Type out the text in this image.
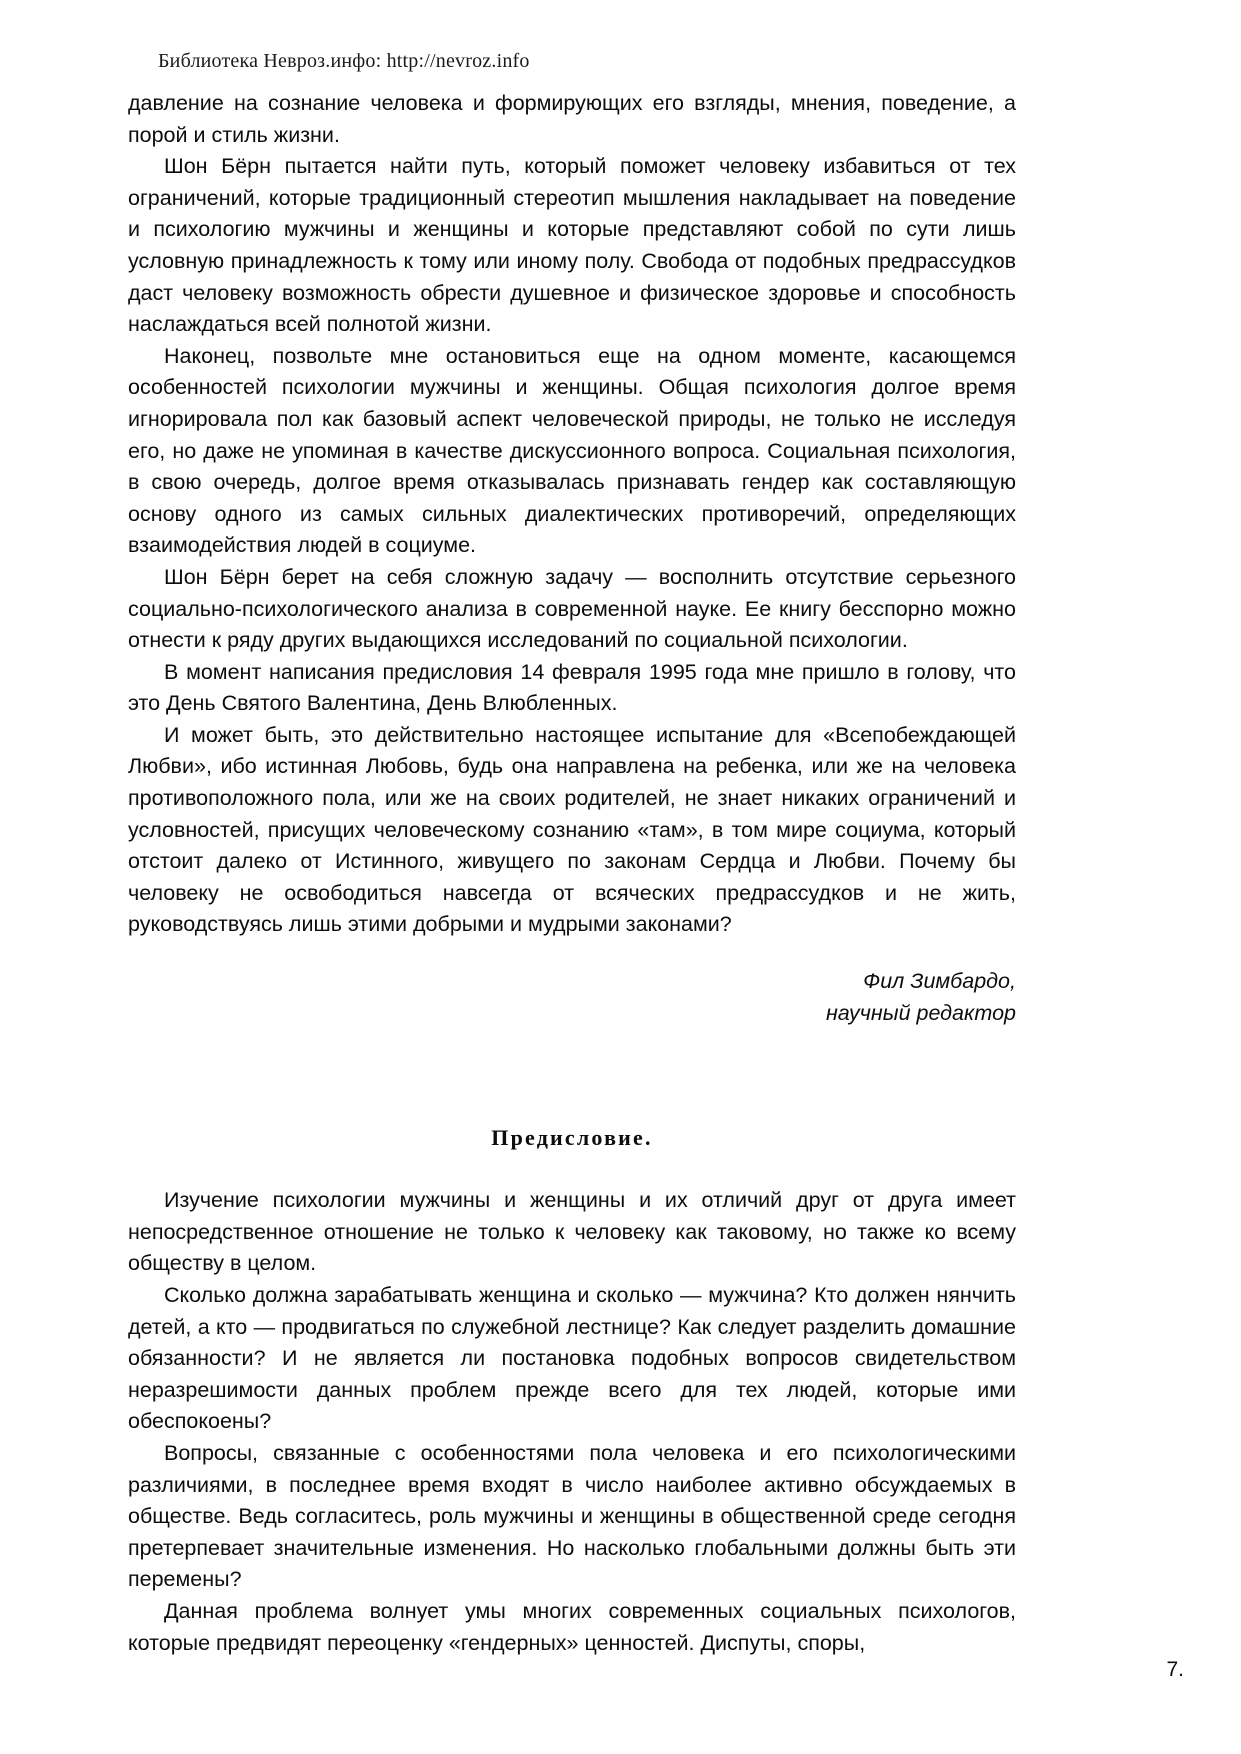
Библиотека Невроз.инфо: http://nevroz.info

давление на сознание человека и формирующих его взгляды, мнения, поведение, а порой и стиль жизни.

Шон Бёрн пытается найти путь, который поможет человеку избавиться от тех ограничений, которые традиционный стереотип мышления накладывает на поведение и психологию мужчины и женщины и которые представляют собой по сути лишь условную принадлежность к тому или иному полу. Свобода от подобных предрассудков даст человеку возможность обрести душевное и физическое здоровье и способность наслаждаться всей полнотой жизни.

Наконец, позвольте мне остановиться еще на одном моменте, касающемся особенностей психологии мужчины и женщины. Общая психология долгое время игнорировала пол как базовый аспект человеческой природы, не только не исследуя его, но даже не упоминая в качестве дискуссионного вопроса. Социальная психология, в свою очередь, долгое время отказывалась признавать гендер как составляющую основу одного из самых сильных диалектических противоречий, определяющих взаимодействия людей в социуме.

Шон Бёрн берет на себя сложную задачу — восполнить отсутствие серьезного социально-психологического анализа в современной науке. Ее книгу бесспорно можно отнести к ряду других выдающихся исследований по социальной психологии.

В момент написания предисловия 14 февраля 1995 года мне пришло в голову, что это День Святого Валентина, День Влюбленных.

И может быть, это действительно настоящее испытание для «Всепобеждающей Любви», ибо истинная Любовь, будь она направлена на ребенка, или же на человека противоположного пола, или же на своих родителей, не знает никаких ограничений и условностей, присущих человеческому сознанию «там», в том мире социума, который отстоит далеко от Истинного, живущего по законам Сердца и Любви. Почему бы человеку не освободиться навсегда от всяческих предрассудков и не жить, руководствуясь лишь этими добрыми и мудрыми законами?

Фил Зимбардо,
научный редактор
Предисловие.

Изучение психологии мужчины и женщины и их отличий друг от друга имеет непосредственное отношение не только к человеку как таковому, но также ко всему обществу в целом.

Сколько должна зарабатывать женщина и сколько — мужчина? Кто должен нянчить детей, а кто — продвигаться по служебной лестнице? Как следует разделить домашние обязанности? И не является ли постановка подобных вопросов свидетельством неразрешимости данных проблем прежде всего для тех людей, которые ими обеспокоены?

Вопросы, связанные с особенностями пола человека и его психологическими различиями, в последнее время входят в число наиболее активно обсуждаемых в обществе. Ведь согласитесь, роль мужчины и женщины в общественной среде сегодня претерпевает значительные изменения. Но насколько глобальными должны быть эти перемены?

Данная проблема волнует умы многих современных социальных психологов, которые предвидят переоценку «гендерных» ценностей. Диспуты, споры,

7.
